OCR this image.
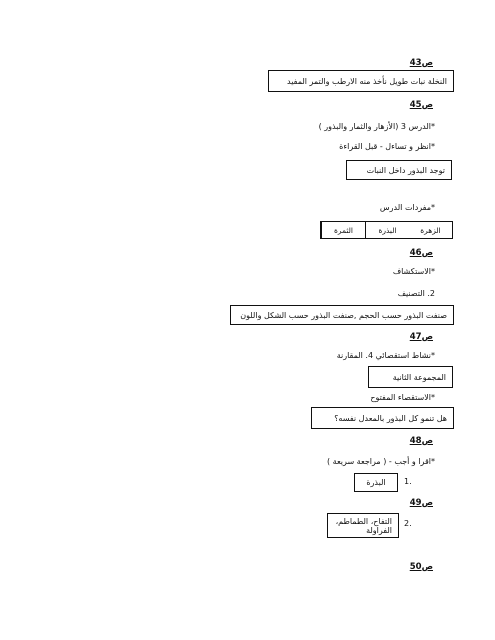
ص43
النخلة نبات طويل نأخذ منه الارطب والتمر المفيد
ص45
*الدرس 3 (الأزهار والثمار والبذور )
*انظر و تساءل - قبل القراءة
توجد البذور داخل النبات
*مفردات الدرس
الثمرة	البذرة	الزهرة
ص46
*الاستكشاف
2. التصنيف
صنفت البذور حسب الحجم ,صنفت البذور حسب الشكل واللون
ص47
*نشاط استقصائي 4. المقارنة
المجموعة الثانية
*الاستقصاء المفتوح
هل تنمو كل البذور بالمعدل نفسه؟
ص48
*اقرا و أجب - ( مراجعة سريعة )
.1
البذرة
ص49
.2
التفاح، الطماطم، الفراولة
ص50
